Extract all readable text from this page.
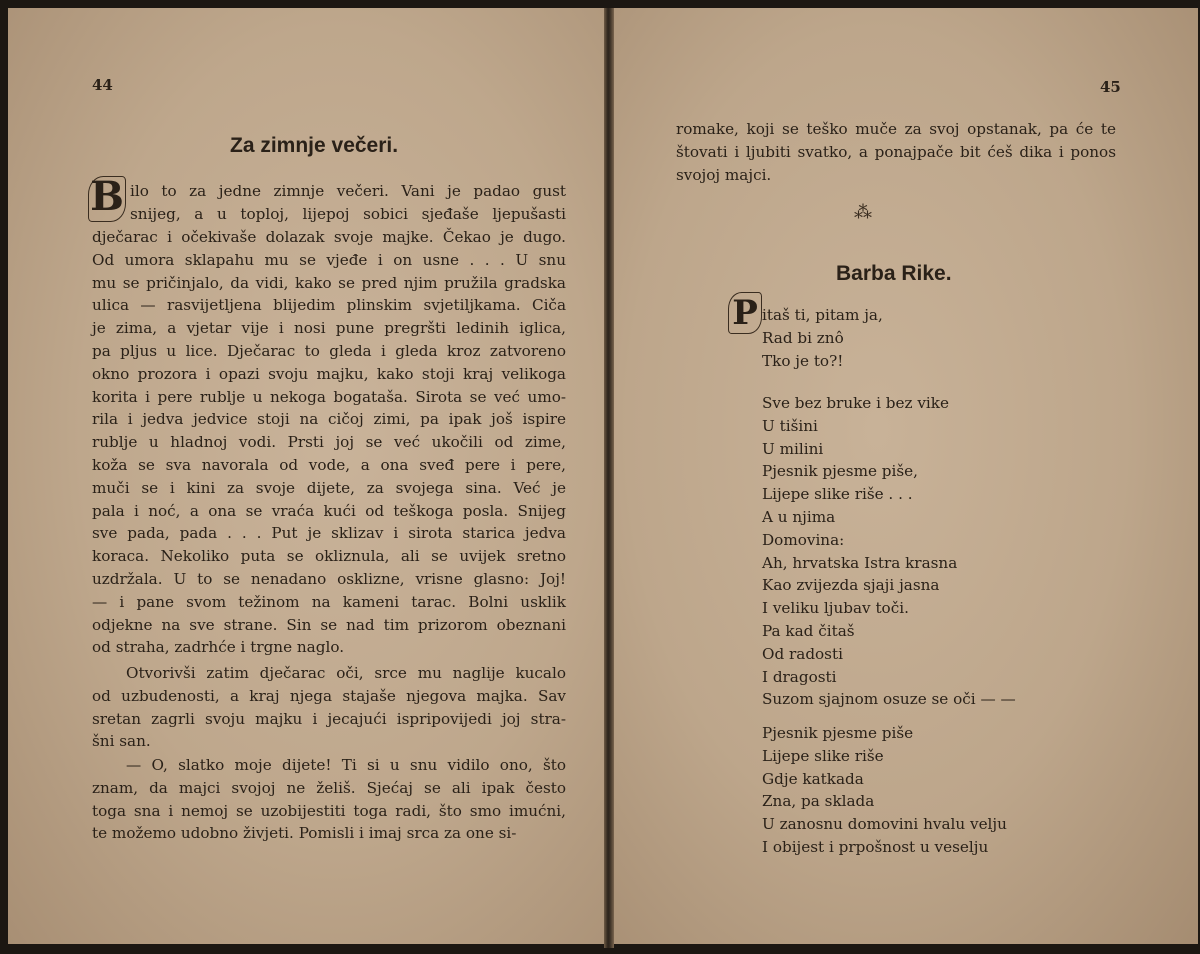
44
Za zimnje večeri.
B ilo to za jedne zimnje večeri. Vani je padao gust
snijeg, a u toploj, lijepoj sobici sjeđaše ljepušasti
dječarac i očekivaše dolazak svoje majke. Čekao je dugo.
Od umora sklapahu mu se vjeđe i on usne . . . U snu
mu se pričinjalo, da vidi, kako se pred njim pružila gradska
ulica — rasvijetljena blijedim plinskim svjetiljkama. Ciča
je zima, a vjetar vije i nosi pune pregršti ledinih iglica,
pa pljus u lice. Dječarac to gleda i gleda kroz zatvoreno
okno prozora i opazi svoju majku, kako stoji kraj velikoga
korita i pere rublje u nekoga bogataša. Sirota se već umo-
rila i jedva jedvice stoji na cičoj zimi, pa ipak još ispire
rublje u hladnoj vodi. Prsti joj se već ukočili od zime,
koža se sva navorala od vode, a ona sveđ pere i pere,
muči se i kini za svoje dijete, za svojega sina. Već je
pala i noć, a ona se vraća kući od teškoga posla. Snijeg
sve pada, pada . . . Put je sklizav i sirota starica jedva
koraca. Nekoliko puta se okliznula, ali se uvijek sretno
uzdržala. U to se nenadano osklizne, vrisne glasno: Joj!
— i pane svom težinom na kameni tarac. Bolni usklik
odjekne na sve strane. Sin se nad tim prizorom obeznani
od straha, zadrhće i trgne naglo.
Otvorivši zatim dječarac oči, srce mu naglije kucalo
od uzbudenosti, a kraj njega stajaše njegova majka. Sav
sretan zagrli svoju majku i jecajući ispripovijedi joj stra-
šni san.
— O, slatko moje dijete! Ti si u snu vidilo ono, što
znam, da majci svojoj ne želiš. Sjećaj se ali ipak često
toga sna i nemoj se uzobijestiti toga radi, što smo imućni,
te možemo udobno živjeti. Pomisli i imaj srca za one si-
45
romake, koji se teško muče za svoj opstanak, pa će te
štovati i ljubiti svatko, a ponajpače bit ćeš dika i ponos
svojoj majci.
⁂
Barba Rike.
P itaš ti, pitam ja,
Rad bi znô
Tko je to?!
Sve bez bruke i bez vike
U tišini
U milini
Pjesnik pjesme piše,
Lijepe slike riše . . .
A u njima
Domovina:
Ah, hrvatska Istra krasna
Kao zvijezda sjaji jasna
I veliku ljubav toči.
Pa kad čitaš
Od radosti
I dragosti
Suzom sjajnom osuze se oči — —
Pjesnik pjesme piše
Lijepe slike riše
Gdje katkada
Zna, pa sklada
U zanosnu domovini hvalu velju
I obijest i prpošnost u veselju
